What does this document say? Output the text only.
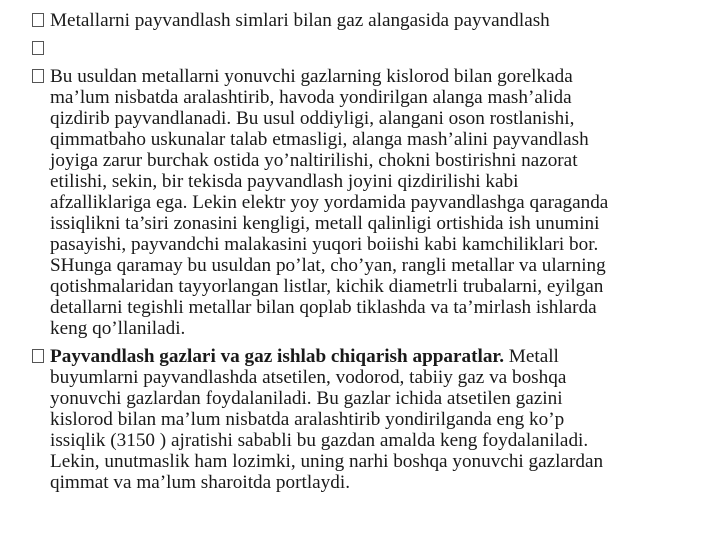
Metallarni payvandlash simlari bilan gaz alangasida payvandlash
Bu usuldan metallarni yonuvchi gazlarning kislorod bilan gorelkada
ma’lum nisbatda aralashtirib, havoda yondirilgan alanga mash’alida
qizdirib payvandlanadi. Bu usul oddiyligi, alangani oson rostlanishi,
qimmatbaho uskunalar talab etmasligi, alanga mash’alini payvandlash
joyiga zarur burchak ostida yo’naltirilishi, chokni bostirishni nazorat
etilishi, sekin, bir tekisda payvandlash joyini qizdirilishi kabi
afzalliklariga ega. Lekin elektr yoy yordamida payvandlashga qaraganda
issiqlikni ta’siri zonasini kengligi, metall qalinligi ortishida ish unumini
pasayishi, payvandchi malakasini yuqori boiishi kabi kamchiliklari bor.
SHunga qaramay bu usuldan po’lat, cho’yan, rangli metallar va ularning
qotishmalaridan tayyorlangan listlar, kichik diametrli trubalarni, eyilgan
detallarni tegishli metallar bilan qoplab tiklashda va ta’mirlash ishlarda
keng qo’llaniladi.
Payvandlash gazlari va gaz ishlab chiqarish apparatlar. Metall
buyumlarni payvandlashda atsetilen, vodorod, tabiiy gaz va boshqa
yonuvchi gazlardan foydalaniladi. Bu gazlar ichida atsetilen gazini
kislorod bilan ma’lum nisbatda aralashtirib yondirilganda eng ko’p
issiqlik (3150 ) ajratishi sababli bu gazdan amalda keng foydalaniladi.
Lekin, unutmaslik ham lozimki, uning narhi boshqa yonuvchi gazlardan
qimmat va ma’lum sharoitda portlaydi.
